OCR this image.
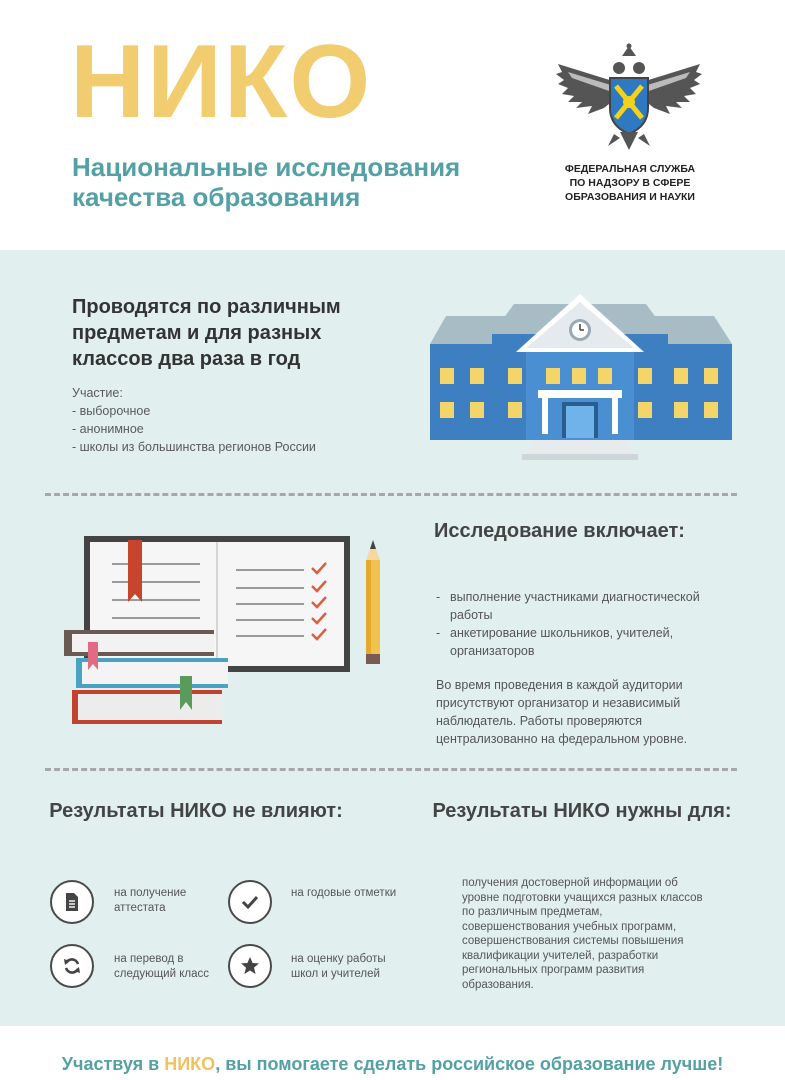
НИКО
Национальные исследования качества образования
ФЕДЕРАЛЬНАЯ СЛУЖБА
ПО НАДЗОРУ В СФЕРЕ
ОБРАЗОВАНИЯ И НАУКИ
Проводятся по различным предметам и для разных классов два раза в год
Участие:
- выборочное
- анонимное
- школы из большинства регионов России
Исследование включает:
- выполнение участниками диагностической работы
- анкетирование школьников, учителей, организаторов
Во время проведения в каждой аудитории присутствуют организатор и независимый наблюдатель. Работы проверяются централизованно на федеральном уровне.
Результаты НИКО не влияют:	Результаты НИКО нужны для:
на получение аттестата
на годовые отметки
на перевод в следующий класс
на оценку работы школ и учителей
получения достоверной информации об уровне подготовки учащихся разных классов по различным предметам, совершенствования учебных программ, совершенствования системы повышения квалификации учителей, разработки региональных программ развития образования.
Участвуя в НИКО, вы помогаете сделать российское образование лучше!
